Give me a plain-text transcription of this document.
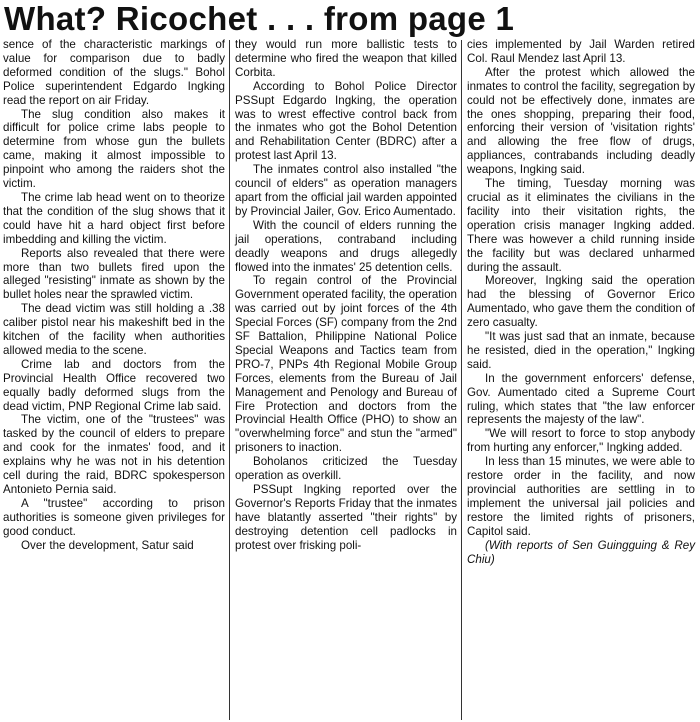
What? Ricochet . . . from page 1

sence of the characteristic markings of value for comparison due to badly deformed condition of the slugs." Bohol Police superintendent Edgardo Ingking read the report on air Friday.

The slug condition also makes it difficult for police crime labs people to determine from whose gun the bullets came, making it almost impossible to pinpoint who among the raiders shot the victim.

The crime lab head went on to theorize that the condition of the slug shows that it could have hit a hard object first before imbedding and killing the victim.

Reports also revealed that there were more than two bullets fired upon the alleged "resisting" inmate as shown by the bullet holes near the sprawled victim.

The dead victim was still holding a .38 caliber pistol near his makeshift bed in the kitchen of the facility when authorities allowed media to the scene.

Crime lab and doctors from the Provincial Health Office recovered two equally badly deformed slugs from the dead victim, PNP Regional Crime lab said.

The victim, one of the "trustees" was tasked by the council of elders to prepare and cook for the inmates' food, and it explains why he was not in his detention cell during the raid, BDRC spokesperson Antonieto Pernia said.

A "trustee" according to prison authorities is someone given privileges for good conduct.

Over the development, Satur said

they would run more ballistic tests to determine who fired the weapon that killed Corbita.

According to Bohol Police Director PSSupt Edgardo Ingking, the operation was to wrest effective control back from the inmates who got the Bohol Detention and Rehabilitation Center (BDRC) after a protest last April 13.

The inmates control also installed "the council of elders" as operation managers apart from the official jail warden appointed by Provincial Jailer, Gov. Erico Aumentado.

With the council of elders running the jail operations, contraband including deadly weapons and drugs allegedly flowed into the inmates' 25 detention cells.

To regain control of the Provincial Government operated facility, the operation was carried out by joint forces of the 4th Special Forces (SF) company from the 2nd SF Battalion, Philippine National Police Special Weapons and Tactics team from PRO-7, PNPs 4th Regional Mobile Group Forces, elements from the Bureau of Jail Management and Penology and Bureau of Fire Protection and doctors from the Provincial Health Office (PHO) to show an "overwhelming force" and stun the "armed" prisoners to inaction.

Boholanos criticized the Tuesday operation as overkill.

PSSupt Ingking reported over the Governor's Reports Friday that the inmates have blatantly asserted "their rights" by destroying detention cell padlocks in protest over frisking poli-

cies implemented by Jail Warden retired Col. Raul Mendez last April 13.

After the protest which allowed the inmates to control the facility, segregation by could not be effectively done, inmates are the ones shopping, preparing their food, enforcing their version of 'visitation rights' and allowing the free flow of drugs, appliances, contrabands including deadly weapons, Ingking said.

The timing, Tuesday morning was crucial as it eliminates the civilians in the facility into their visitation rights, the operation crisis manager Ingking added. There was however a child running inside the facility but was declared unharmed during the assault.

Moreover, Ingking said the operation had the blessing of Governor Erico Aumentado, who gave them the condition of zero casualty.

"It was just sad that an inmate, because he resisted, died in the operation," Ingking said.

In the government enforcers' defense, Gov. Aumentado cited a Supreme Court ruling, which states that "the law enforcer represents the majesty of the law".

"We will resort to force to stop anybody from hurting any enforcer," Ingking added.

In less than 15 minutes, we were able to restore order in the facility, and now provincial authorities are settling in to implement the universal jail policies and restore the limited rights of prisoners, Capitol said.

(With reports of Sen Guingguing & Rey Chiu)
